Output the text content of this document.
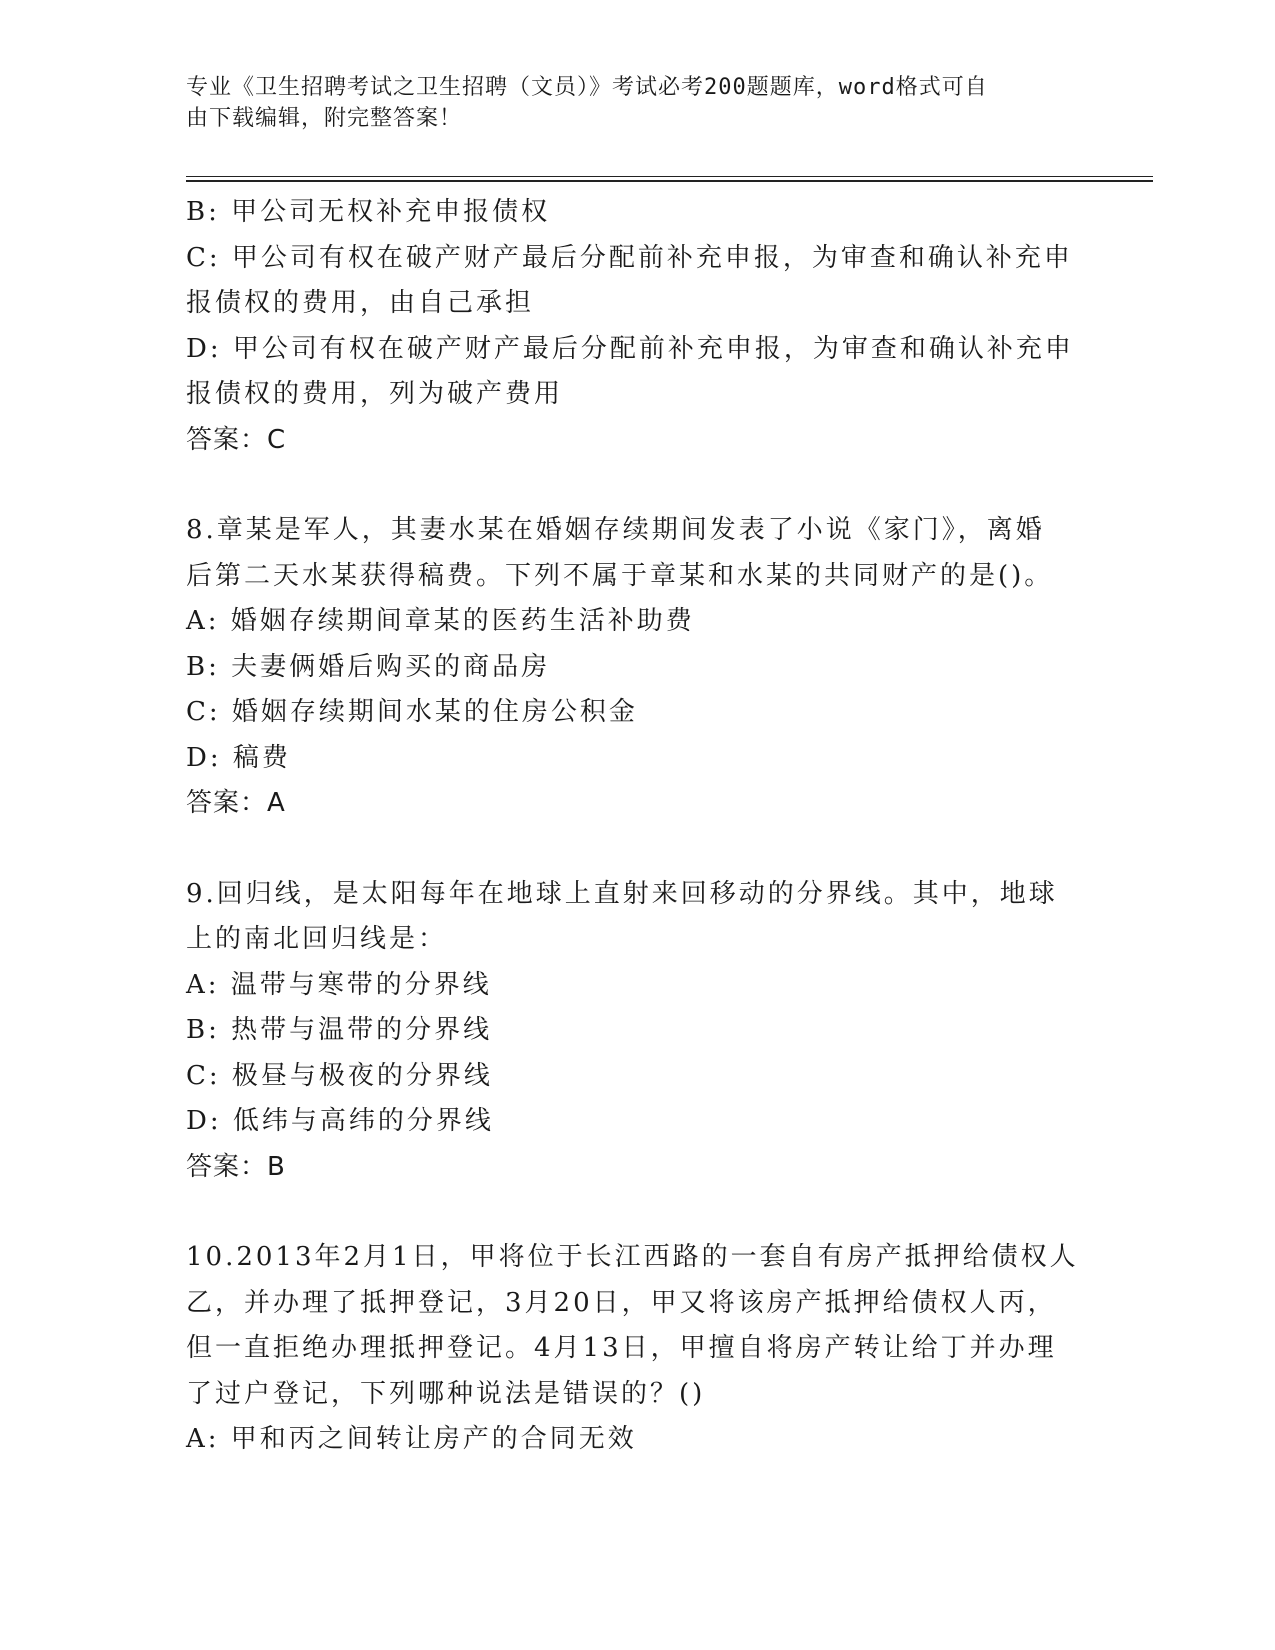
专业《卫生招聘考试之卫生招聘（文员）》考试必考200题题库，word格式可自
由下载编辑，附完整答案！
B: 甲公司无权补充申报债权
C: 甲公司有权在破产财产最后分配前补充申报，为审查和确认补充申
报债权的费用，由自己承担
D: 甲公司有权在破产财产最后分配前补充申报，为审查和确认补充申
报债权的费用，列为破产费用
答案：C
8.章某是军人，其妻水某在婚姻存续期间发表了小说《家门》，离婚
后第二天水某获得稿费。下列不属于章某和水某的共同财产的是()。
A: 婚姻存续期间章某的医药生活补助费
B: 夫妻俩婚后购买的商品房
C: 婚姻存续期间水某的住房公积金
D: 稿费
答案：A
9.回归线，是太阳每年在地球上直射来回移动的分界线。其中，地球
上的南北回归线是：
A: 温带与寒带的分界线
B: 热带与温带的分界线
C: 极昼与极夜的分界线
D: 低纬与高纬的分界线
答案：B
10.2013年2月1日，甲将位于长江西路的一套自有房产抵押给债权人
乙，并办理了抵押登记，3月20日，甲又将该房产抵押给债权人丙，
但一直拒绝办理抵押登记。4月13日，甲擅自将房产转让给丁并办理
了过户登记，下列哪种说法是错误的？()
A: 甲和丙之间转让房产的合同无效
